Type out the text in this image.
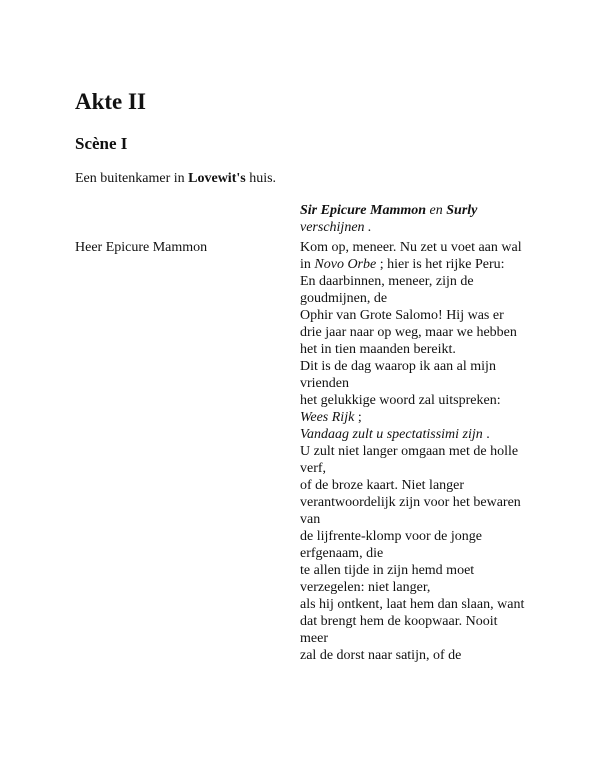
Akte II
Scène I

Een buitenkamer in Lovewit's huis.

Sir Epicure Mammon en Surly
verschijnen .
Heer Epicure Mammon	Kom op, meneer. Nu zet u voet aan wal
in Novo Orbe ; hier is het rijke Peru:
En daarbinnen, meneer, zijn de goudmijnen, de
Ophir van Grote Salomo! Hij was er drie jaar naar op weg, maar we hebben het in tien maanden bereikt.
Dit is de dag waarop ik aan al mijn vrienden
het gelukkige woord zal uitspreken:
Wees Rijk ;
Vandaag zult u spectatissimi zijn .
U zult niet langer omgaan met de holle verf,
of de broze kaart. Niet langer verantwoordelijk zijn voor het bewaren van
de lijfrente-klomp voor de jonge erfgenaam, die
te allen tijde in zijn hemd moet verzegelen: niet langer,
als hij ontkent, laat hem dan slaan, want
dat brengt hem de koopwaar. Nooit meer
zal de dorst naar satijn, of de
